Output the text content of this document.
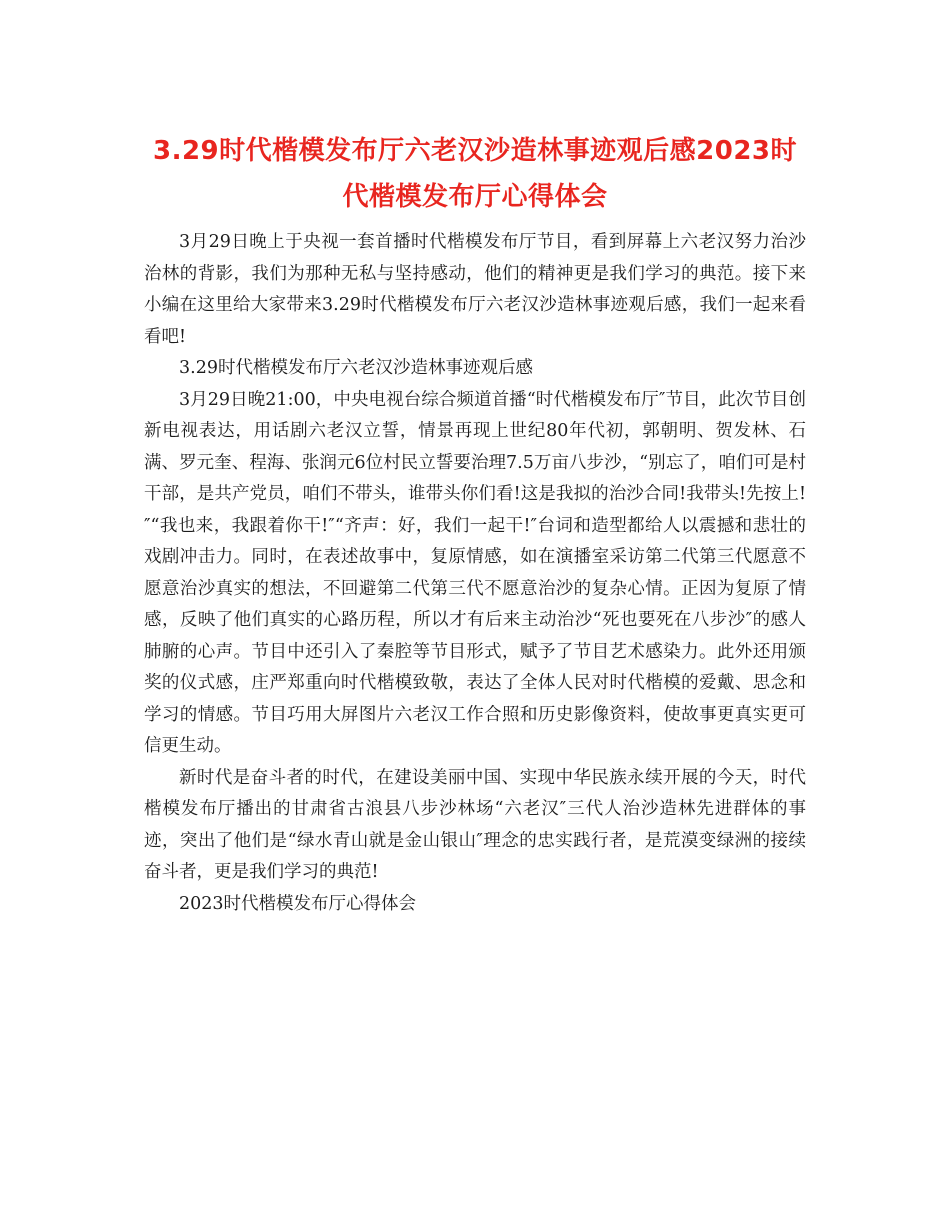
3.29时代楷模发布厅六老汉沙造林事迹观后感2023时代楷模发布厅心得体会

3月29日晚上于央视一套首播时代楷模发布厅节目，看到屏幕上六老汉努力治沙治林的背影，我们为那种无私与坚持感动，他们的精神更是我们学习的典范。接下来小编在这里给大家带来3.29时代楷模发布厅六老汉沙造林事迹观后感，我们一起来看看吧!

3.29时代楷模发布厅六老汉沙造林事迹观后感

3月29日晚21:00，中央电视台综合频道首播“时代楷模发布厅″节目，此次节目创新电视表达，用话剧六老汉立誓，情景再现上世纪80年代初，郭朝明、贺发林、石满、罗元奎、程海、张润元6位村民立誓要治理7.5万亩八步沙，“别忘了，咱们可是村干部，是共产党员，咱们不带头，谁带头你们看!这是我拟的治沙合同!我带头!先按上!″“我也来，我跟着你干!″“齐声：好，我们一起干!″台词和造型都给人以震撼和悲壮的戏剧冲击力。同时，在表述故事中，复原情感，如在演播室采访第二代第三代愿意不愿意治沙真实的想法，不回避第二代第三代不愿意治沙的复杂心情。正因为复原了情感，反映了他们真实的心路历程，所以才有后来主动治沙“死也要死在八步沙″的感人肺腑的心声。节目中还引入了秦腔等节目形式，赋予了节目艺术感染力。此外还用颁奖的仪式感，庄严郑重向时代楷模致敬，表达了全体人民对时代楷模的爱戴、思念和学习的情感。节目巧用大屏图片六老汉工作合照和历史影像资料，使故事更真实更可信更生动。

新时代是奋斗者的时代，在建设美丽中国、实现中华民族永续开展的今天，时代楷模发布厅播出的甘肃省古浪县八步沙林场“六老汉″三代人治沙造林先进群体的事迹，突出了他们是“绿水青山就是金山银山″理念的忠实践行者，是荒漠变绿洲的接续奋斗者，更是我们学习的典范!

2023时代楷模发布厅心得体会
